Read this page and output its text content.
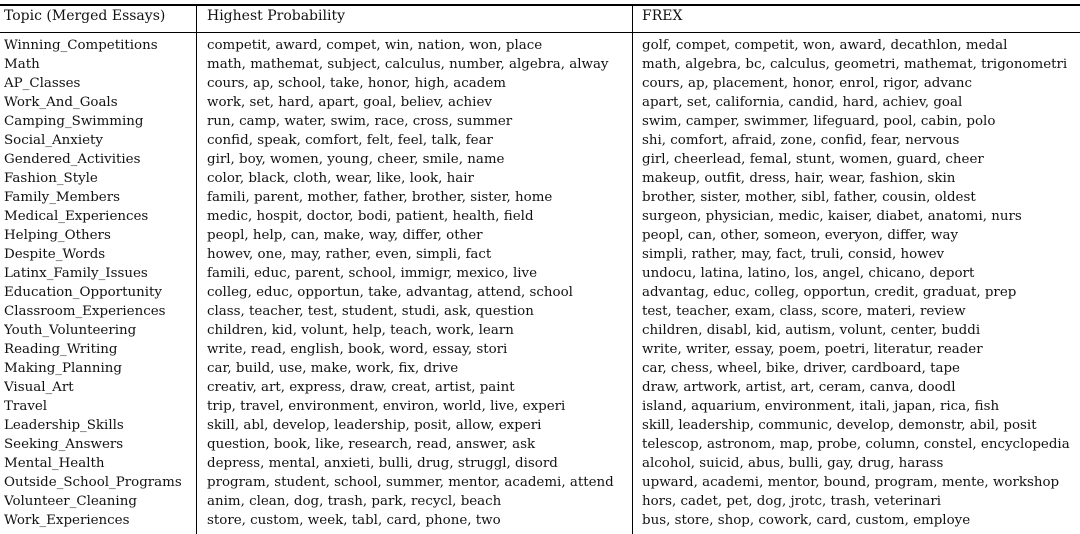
Topic (Merged Essays)	Highest Probability	FREX
Winning_Competitions	competit, award, compet, win, nation, won, place	golf, compet, competit, won, award, decathlon, medal
Math	math, mathemat, subject, calculus, number, algebra, alway	math, algebra, bc, calculus, geometri, mathemat, trigonometri
AP_Classes	cours, ap, school, take, honor, high, academ	cours, ap, placement, honor, enrol, rigor, advanc
Work_And_Goals	work, set, hard, apart, goal, believ, achiev	apart, set, california, candid, hard, achiev, goal
Camping_Swimming	run, camp, water, swim, race, cross, summer	swim, camper, swimmer, lifeguard, pool, cabin, polo
Social_Anxiety	confid, speak, comfort, felt, feel, talk, fear	shi, comfort, afraid, zone, confid, fear, nervous
Gendered_Activities	girl, boy, women, young, cheer, smile, name	girl, cheerlead, femal, stunt, women, guard, cheer
Fashion_Style	color, black, cloth, wear, like, look, hair	makeup, outfit, dress, hair, wear, fashion, skin
Family_Members	famili, parent, mother, father, brother, sister, home	brother, sister, mother, sibl, father, cousin, oldest
Medical_Experiences	medic, hospit, doctor, bodi, patient, health, field	surgeon, physician, medic, kaiser, diabet, anatomi, nurs
Helping_Others	peopl, help, can, make, way, differ, other	peopl, can, other, someon, everyon, differ, way
Despite_Words	howev, one, may, rather, even, simpli, fact	simpli, rather, may, fact, truli, consid, howev
Latinx_Family_Issues	famili, educ, parent, school, immigr, mexico, live	undocu, latina, latino, los, angel, chicano, deport
Education_Opportunity	colleg, educ, opportun, take, advantag, attend, school	advantag, educ, colleg, opportun, credit, graduat, prep
Classroom_Experiences	class, teacher, test, student, studi, ask, question	test, teacher, exam, class, score, materi, review
Youth_Volunteering	children, kid, volunt, help, teach, work, learn	children, disabl, kid, autism, volunt, center, buddi
Reading_Writing	write, read, english, book, word, essay, stori	write, writer, essay, poem, poetri, literatur, reader
Making_Planning	car, build, use, make, work, fix, drive	car, chess, wheel, bike, driver, cardboard, tape
Visual_Art	creativ, art, express, draw, creat, artist, paint	draw, artwork, artist, art, ceram, canva, doodl
Travel	trip, travel, environment, environ, world, live, experi	island, aquarium, environment, itali, japan, rica, fish
Leadership_Skills	skill, abl, develop, leadership, posit, allow, experi	skill, leadership, communic, develop, demonstr, abil, posit
Seeking_Answers	question, book, like, research, read, answer, ask	telescop, astronom, map, probe, column, constel, encyclopedia
Mental_Health	depress, mental, anxieti, bulli, drug, struggl, disord	alcohol, suicid, abus, bulli, gay, drug, harass
Outside_School_Programs	program, student, school, summer, mentor, academi, attend	upward, academi, mentor, bound, program, mente, workshop
Volunteer_Cleaning	anim, clean, dog, trash, park, recycl, beach	hors, cadet, pet, dog, jrotc, trash, veterinari
Work_Experiences	store, custom, week, tabl, card, phone, two	bus, store, shop, cowork, card, custom, employe
